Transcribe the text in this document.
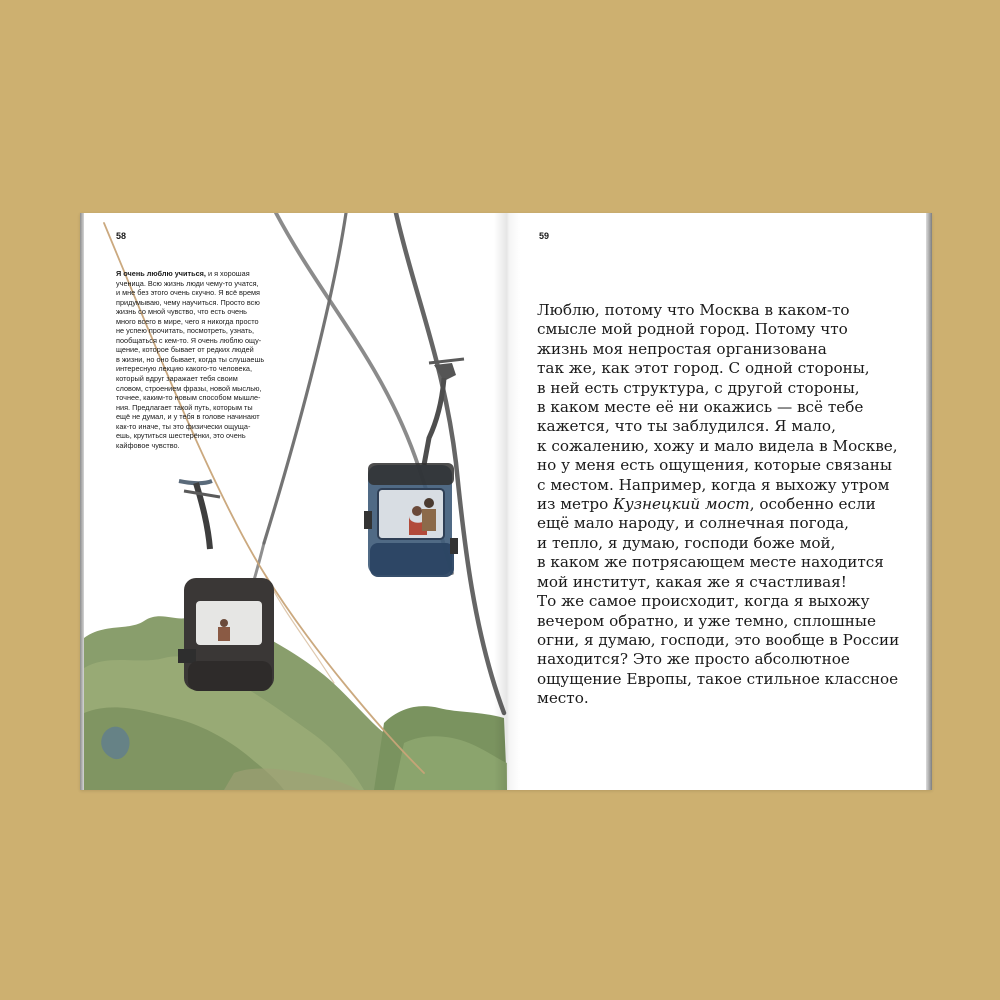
58
Я очень люблю учиться, и я хорошая
ученица. Всю жизнь люди чему-то учатся,
и мне без этого очень скучно. Я всё время
придумываю, чему научиться. Просто всю
жизнь со мной чувство, что есть очень
много всего в мире, чего я никогда просто
не успею прочитать, посмотреть, узнать,
пообщаться с кем-то. Я очень люблю ощу-
щение, которое бывает от редких людей
в жизни, но оно бывает, когда ты слушаешь
интересную лекцию какого-то человека,
который вдруг заражает тебя своим
словом, строением фразы, новой мыслью,
точнее, каким-то новым способом мышле-
ния. Предлагает такой путь, которым ты
ещё не думал, и у тебя в голове начинают
как-то иначе, ты это физически ощуща-
ешь, крутиться шестерёнки, это очень
кайфовое чувство.
59
Люблю, потому что Москва в каком-то
смысле мой родной город. Потому что
жизнь моя непростая организована
так же, как этот город. С одной стороны,
в ней есть структура, с другой стороны,
в каком месте её ни окажись — всё тебе
кажется, что ты заблудился. Я мало,
к сожалению, хожу и мало видела в Москве,
но у меня есть ощущения, которые связаны
с местом. Например, когда я выхожу утром
из метро Кузнецкий мост, особенно если
ещё мало народу, и солнечная погода,
и тепло, я думаю, господи боже мой,
в каком же потрясающем месте находится
мой институт, какая же я счастливая!
То же самое происходит, когда я выхожу
вечером обратно, и уже темно, сплошные
огни, я думаю, господи, это вообще в России
находится? Это же просто абсолютное
ощущение Европы, такое стильное классное
место.
